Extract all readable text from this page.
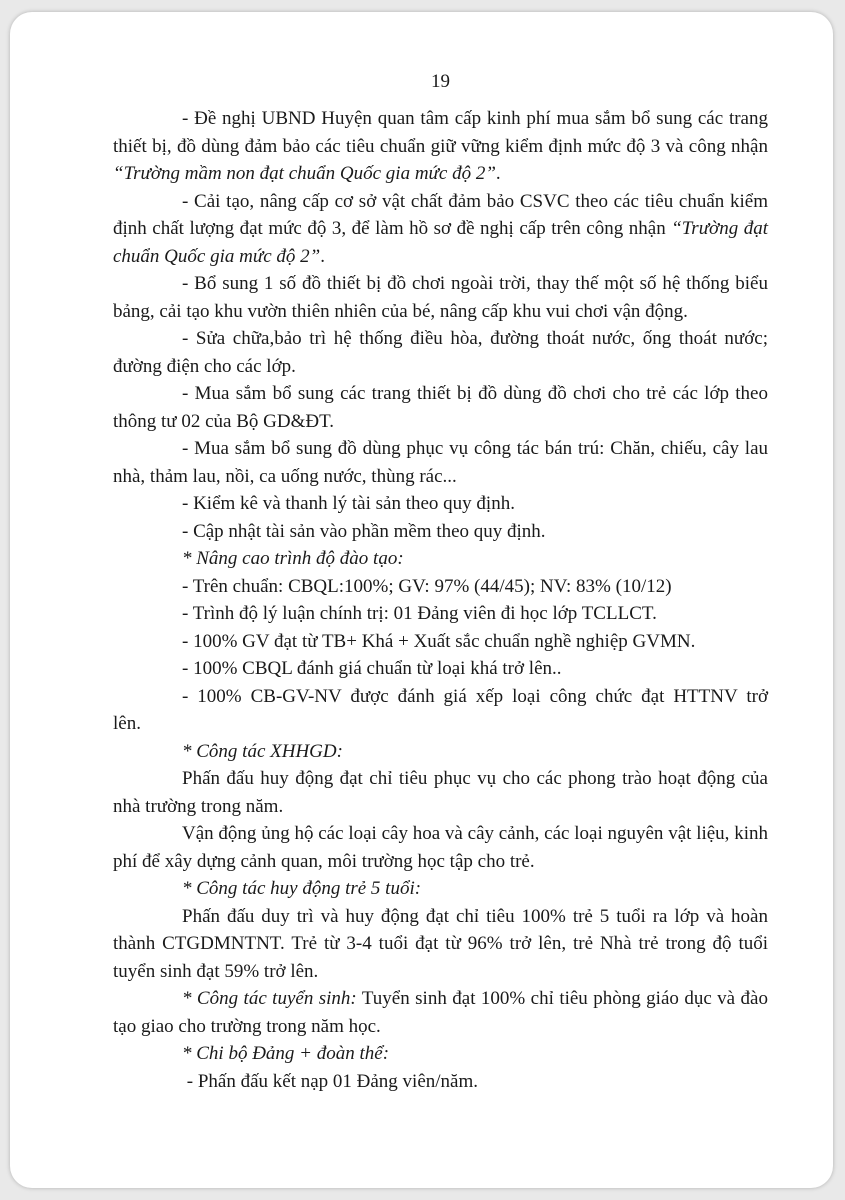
19

- Đề nghị UBND Huyện quan tâm cấp kinh phí mua sắm bổ sung các trang thiết bị, đồ dùng đảm bảo các tiêu chuẩn giữ vững kiểm định mức độ 3 và công nhận “Trường mầm non đạt chuẩn Quốc gia mức độ 2”.

- Cải tạo, nâng cấp cơ sở vật chất đảm bảo CSVC theo các tiêu chuẩn kiểm định chất lượng đạt mức độ 3, để làm hồ sơ đề nghị cấp trên công nhận “Trường đạt chuẩn Quốc gia mức độ 2”.

- Bổ sung 1 số đồ thiết bị đồ chơi ngoài trời, thay thế một số hệ thống biểu bảng, cải tạo khu vườn thiên nhiên của bé, nâng cấp khu vui chơi vận động.

- Sửa chữa,bảo trì hệ thống điều hòa, đường thoát nước, ống thoát nước; đường điện cho các lớp.

- Mua sắm bổ sung các trang thiết bị đồ dùng đồ chơi cho trẻ các lớp theo thông tư 02 của Bộ GD&ĐT.

- Mua sắm bổ sung đồ dùng phục vụ công tác bán trú: Chăn, chiếu, cây lau nhà, thảm lau, nồi, ca uống nước, thùng rác...

- Kiểm kê và thanh lý tài sản theo quy định.

- Cập nhật tài sản vào phần mềm theo quy định.

* Nâng cao trình độ đào tạo:

- Trên chuẩn: CBQL:100%; GV: 97% (44/45); NV: 83% (10/12)

- Trình độ lý luận chính trị: 01 Đảng viên đi học lớp TCLLCT.

- 100% GV đạt từ TB+ Khá + Xuất sắc chuẩn nghề nghiệp GVMN.

- 100% CBQL đánh giá chuẩn từ loại khá trở lên..

- 100% CB-GV-NV được đánh giá xếp loại công chức đạt HTTNV trở

lên.

* Công tác XHHGD:

Phấn đấu huy động đạt chỉ tiêu phục vụ cho các phong trào hoạt động của nhà trường trong năm.

Vận động ủng hộ các loại cây hoa và cây cảnh, các loại nguyên vật liệu, kinh phí để xây dựng cảnh quan, môi trường học tập cho trẻ.

* Công tác huy động trẻ 5 tuổi:

Phấn đấu duy trì và huy động đạt chỉ tiêu 100% trẻ 5 tuổi ra lớp và hoàn thành CTGDMNTNT. Trẻ từ 3-4 tuổi đạt từ 96% trở lên, trẻ Nhà trẻ trong độ tuổi tuyển sinh đạt 59% trở lên.

* Công tác tuyển sinh: Tuyển sinh đạt 100% chỉ tiêu phòng giáo dục và đào tạo giao cho trường trong năm học.

* Chi bộ Đảng + đoàn thể:

- Phấn đấu kết nạp 01 Đảng viên/năm.
